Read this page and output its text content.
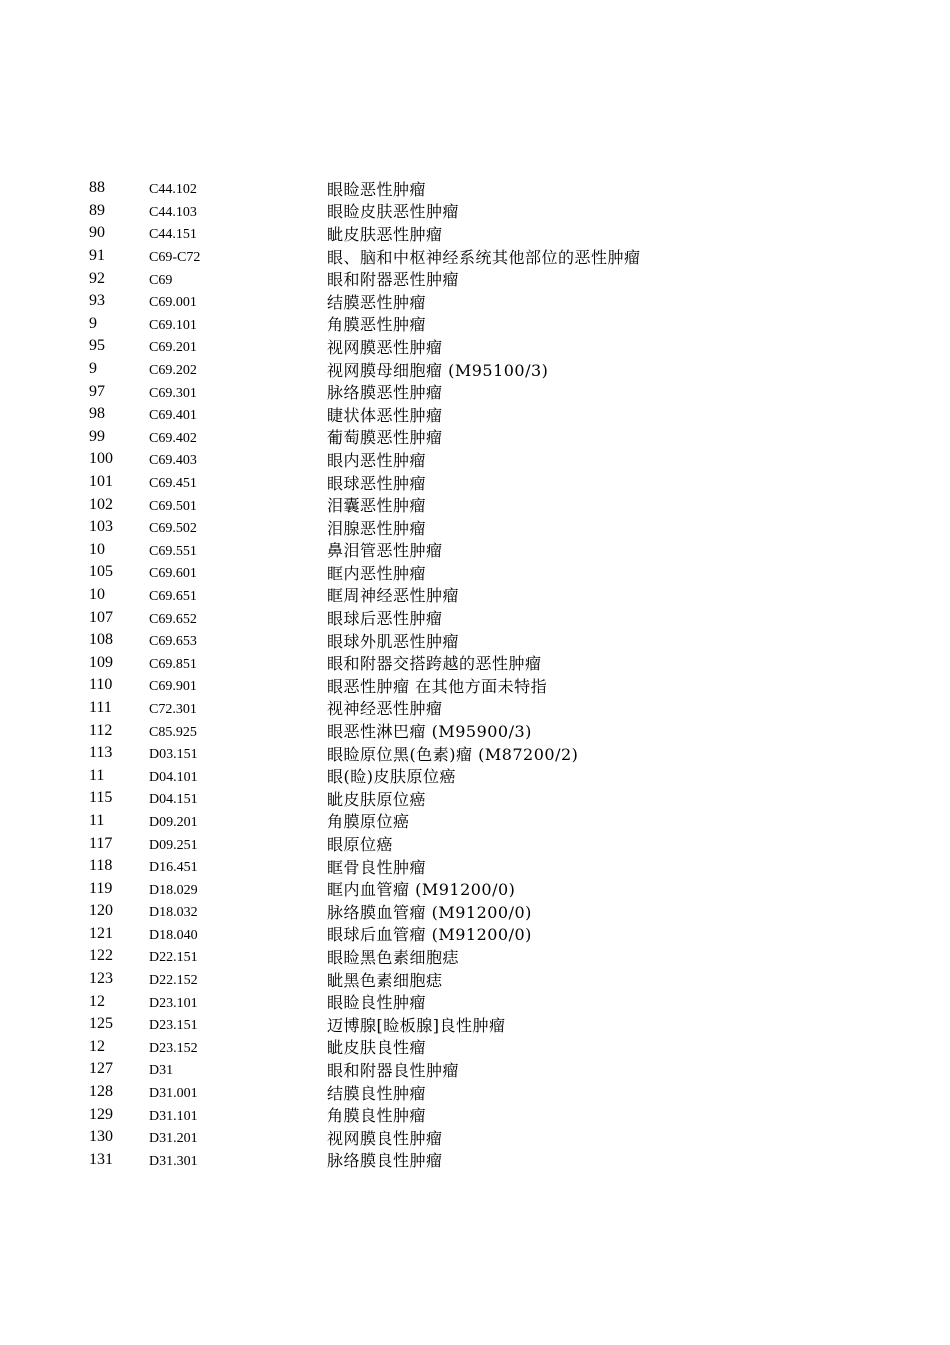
88	C44.102	眼睑恶性肿瘤
89	C44.103	眼睑皮肤恶性肿瘤
90	C44.151	眦皮肤恶性肿瘤
91	C69-C72	眼、脑和中枢神经系统其他部位的恶性肿瘤
92	C69	眼和附器恶性肿瘤
93	C69.001	结膜恶性肿瘤
9	C69.101	角膜恶性肿瘤
95	C69.201	视网膜恶性肿瘤
9	C69.202	视网膜母细胞瘤 (M95100/3)
97	C69.301	脉络膜恶性肿瘤
98	C69.401	睫状体恶性肿瘤
99	C69.402	葡萄膜恶性肿瘤
100	C69.403	眼内恶性肿瘤
101	C69.451	眼球恶性肿瘤
102	C69.501	泪囊恶性肿瘤
103	C69.502	泪腺恶性肿瘤
10	C69.551	鼻泪管恶性肿瘤
105	C69.601	眶内恶性肿瘤
10	C69.651	眶周神经恶性肿瘤
107	C69.652	眼球后恶性肿瘤
108	C69.653	眼球外肌恶性肿瘤
109	C69.851	眼和附器交搭跨越的恶性肿瘤
110	C69.901	眼恶性肿瘤 在其他方面未特指
111	C72.301	视神经恶性肿瘤
112	C85.925	眼恶性淋巴瘤 (M95900/3)
113	D03.151	眼睑原位黑(色素)瘤 (M87200/2)
11	D04.101	眼(睑)皮肤原位癌
115	D04.151	眦皮肤原位癌
11	D09.201	角膜原位癌
117	D09.251	眼原位癌
118	D16.451	眶骨良性肿瘤
119	D18.029	眶内血管瘤 (M91200/0)
120	D18.032	脉络膜血管瘤 (M91200/0)
121	D18.040	眼球后血管瘤 (M91200/0)
122	D22.151	眼睑黑色素细胞痣
123	D22.152	眦黑色素细胞痣
12	D23.101	眼睑良性肿瘤
125	D23.151	迈博腺[睑板腺]良性肿瘤
12	D23.152	眦皮肤良性瘤
127	D31	眼和附器良性肿瘤
128	D31.001	结膜良性肿瘤
129	D31.101	角膜良性肿瘤
130	D31.201	视网膜良性肿瘤
131	D31.301	脉络膜良性肿瘤
